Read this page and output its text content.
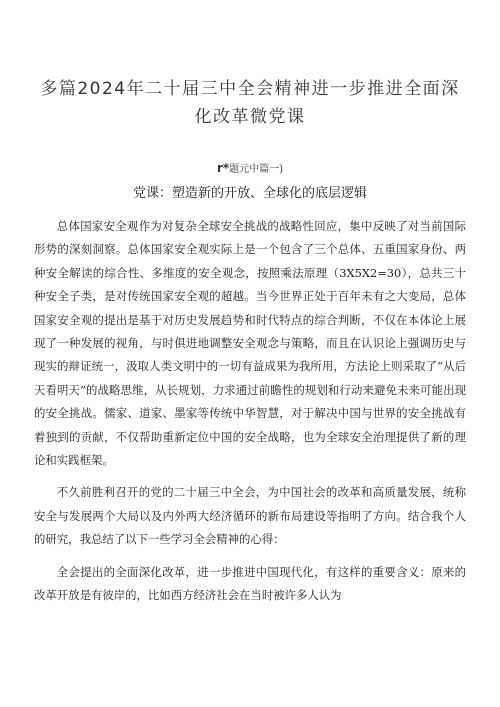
多篇2024年二十届三中全会精神进一步推进全面深化改革微党课
r*题元中篇一)
党课：塑造新的开放、全球化的底层逻辑

总体国家安全观作为对复杂全球安全挑战的战略性回应，集中反映了对当前国际形势的深刻洞察。总体国家安全观实际上是一个包含了三个总体、五重国家身份、两种安全解读的综合性、多维度的安全观念，按照乘法原理（3X5X2=30），总共三十种安全子类，是对传统国家安全观的超越。当今世界正处于百年未有之大变局，总体国家安全观的提出是基于对历史发展趋势和时代特点的综合判断，不仅在本体论上展现了一种发展的视角，与时俱进地调整安全观念与策略，而且在认识论上强调历史与现实的辩证统一，汲取人类文明中的一切有益成果为我所用，方法论上则采取了“从后天看明天”的战略思维，从长规划，力求通过前瞻性的规划和行动来避免未来可能出现的安全挑战。儒家、道家、墨家等传统中华智慧，对于解决中国与世界的安全挑战有着独到的贡献，不仅帮助重新定位中国的安全战略，也为全球安全治理提供了新的理论和实践框架。

不久前胜利召开的党的二十届三中全会，为中国社会的改革和高质量发展，统称安全与发展两个大局以及内外两大经济循环的新布局建设等指明了方向。结合我个人的研究，我总结了以下一些学习全会精神的心得：

全会提出的全面深化改革，进一步推进中国现代化，有这样的重要含义：原来的改革开放是有彼岸的，比如西方经济社会在当时被许多人认为
